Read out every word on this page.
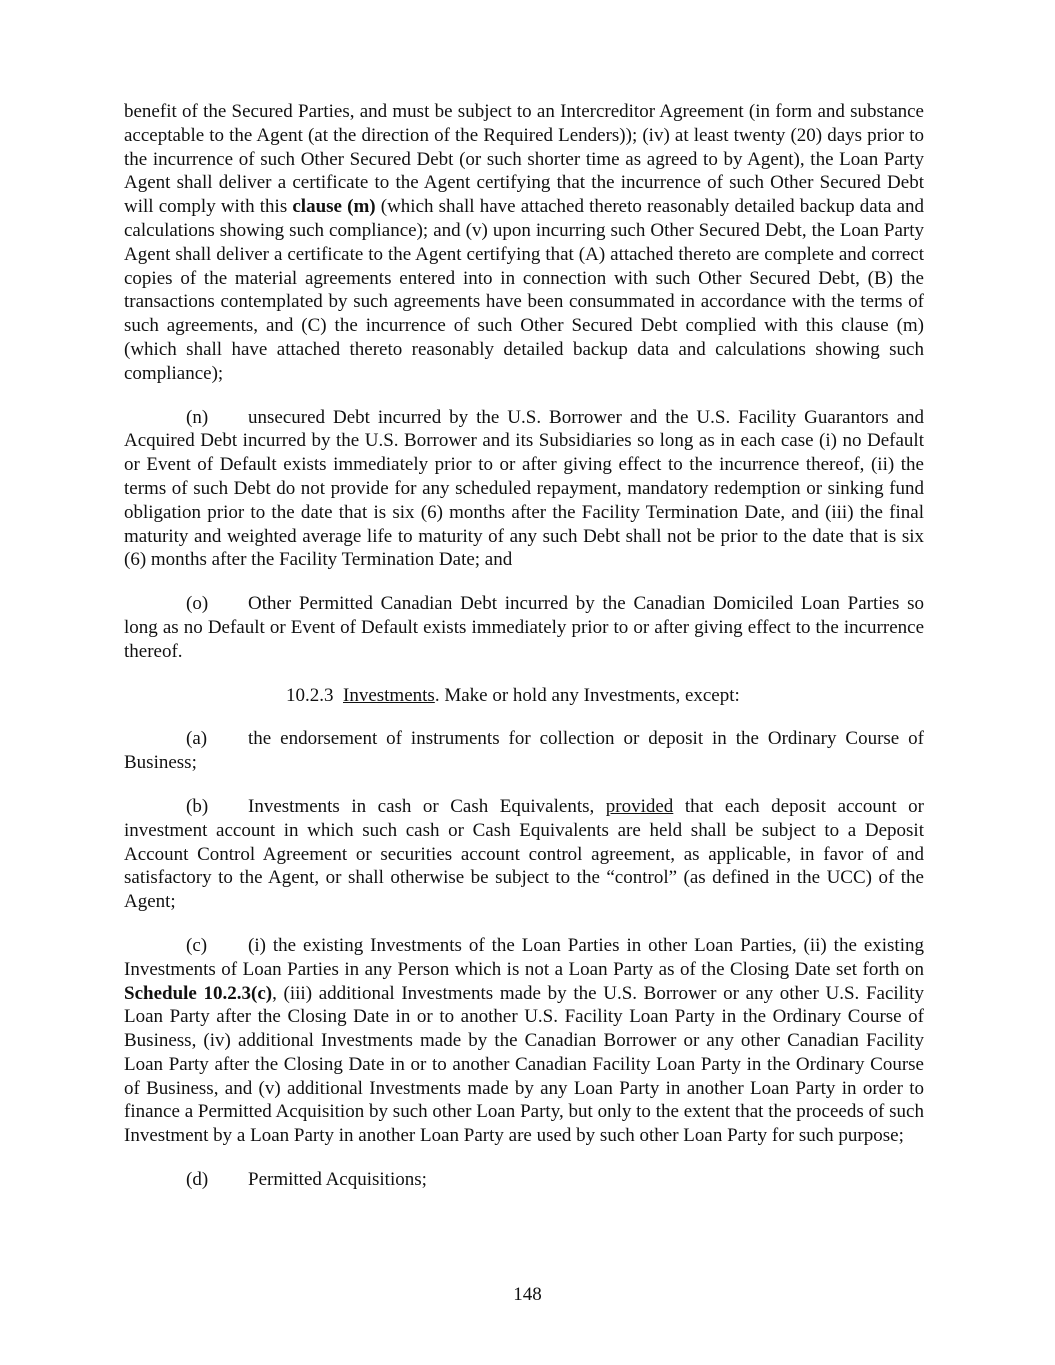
benefit of the Secured Parties, and must be subject to an Intercreditor Agreement (in form and substance acceptable to the Agent (at the direction of the Required Lenders)); (iv) at least twenty (20) days prior to the incurrence of such Other Secured Debt (or such shorter time as agreed to by Agent), the Loan Party Agent shall deliver a certificate to the Agent certifying that the incurrence of such Other Secured Debt will comply with this clause (m) (which shall have attached thereto reasonably detailed backup data and calculations showing such compliance); and (v) upon incurring such Other Secured Debt, the Loan Party Agent shall deliver a certificate to the Agent certifying that (A) attached thereto are complete and correct copies of the material agreements entered into in connection with such Other Secured Debt, (B) the transactions contemplated by such agreements have been consummated in accordance with the terms of such agreements, and (C) the incurrence of such Other Secured Debt complied with this clause (m) (which shall have attached thereto reasonably detailed backup data and calculations showing such compliance);

(n) unsecured Debt incurred by the U.S. Borrower and the U.S. Facility Guarantors and Acquired Debt incurred by the U.S. Borrower and its Subsidiaries so long as in each case (i) no Default or Event of Default exists immediately prior to or after giving effect to the incurrence thereof, (ii) the terms of such Debt do not provide for any scheduled repayment, mandatory redemption or sinking fund obligation prior to the date that is six (6) months after the Facility Termination Date, and (iii) the final maturity and weighted average life to maturity of any such Debt shall not be prior to the date that is six (6) months after the Facility Termination Date; and

(o) Other Permitted Canadian Debt incurred by the Canadian Domiciled Loan Parties so long as no Default or Event of Default exists immediately prior to or after giving effect to the incurrence thereof.

10.2.3 Investments. Make or hold any Investments, except:

(a) the endorsement of instruments for collection or deposit in the Ordinary Course of Business;

(b) Investments in cash or Cash Equivalents, provided that each deposit account or investment account in which such cash or Cash Equivalents are held shall be subject to a Deposit Account Control Agreement or securities account control agreement, as applicable, in favor of and satisfactory to the Agent, or shall otherwise be subject to the “control” (as defined in the UCC) of the Agent;

(c) (i) the existing Investments of the Loan Parties in other Loan Parties, (ii) the existing Investments of Loan Parties in any Person which is not a Loan Party as of the Closing Date set forth on Schedule 10.2.3(c), (iii) additional Investments made by the U.S. Borrower or any other U.S. Facility Loan Party after the Closing Date in or to another U.S. Facility Loan Party in the Ordinary Course of Business, (iv) additional Investments made by the Canadian Borrower or any other Canadian Facility Loan Party after the Closing Date in or to another Canadian Facility Loan Party in the Ordinary Course of Business, and (v) additional Investments made by any Loan Party in another Loan Party in order to finance a Permitted Acquisition by such other Loan Party, but only to the extent that the proceeds of such Investment by a Loan Party in another Loan Party are used by such other Loan Party for such purpose;

(d) Permitted Acquisitions;

148
